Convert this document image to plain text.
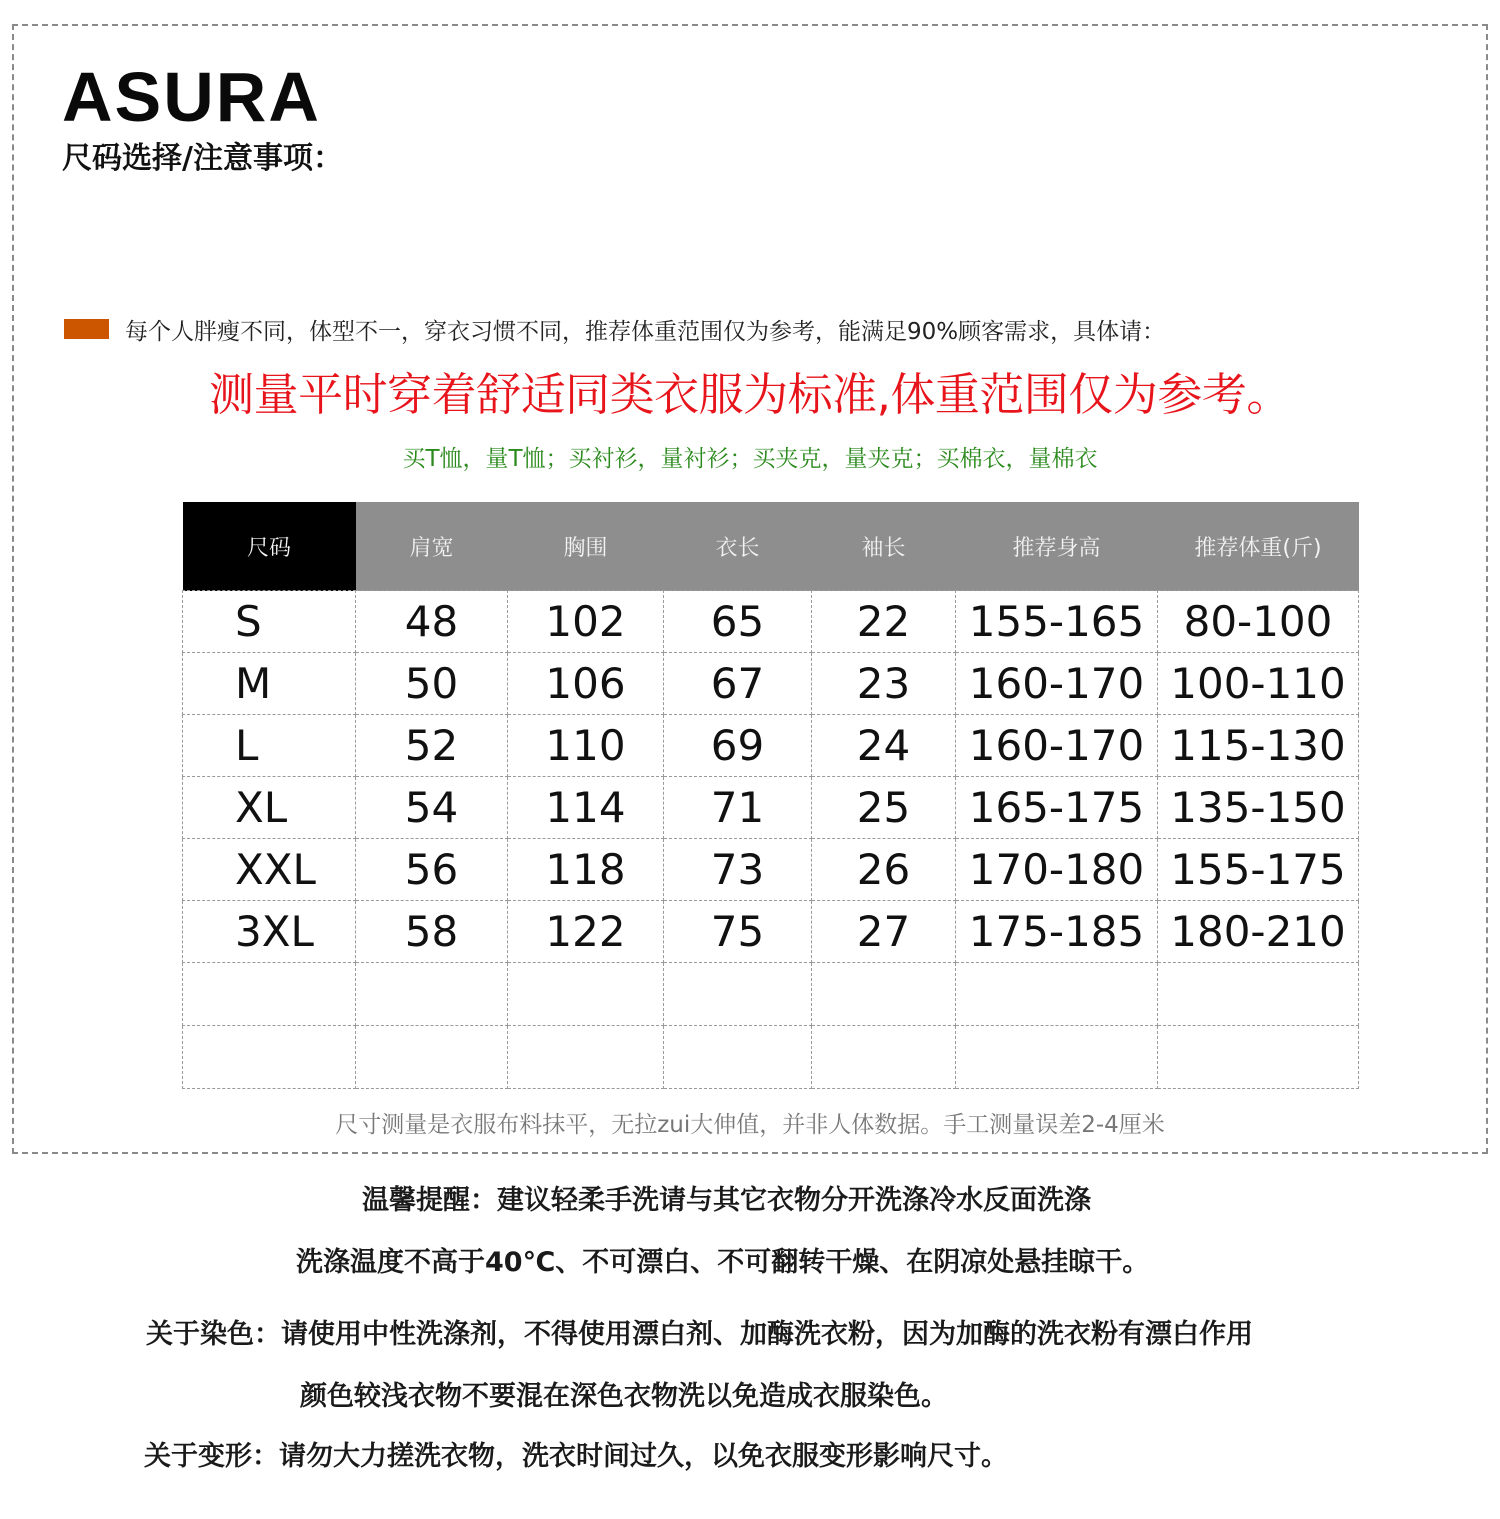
ASURA
尺码选择/注意事项：
每个人胖瘦不同，体型不一，穿衣习惯不同，推荐体重范围仅为参考，能满足90%顾客需求，具体请：

测量平时穿着舒适同类衣服为标准,体重范围仅为参考。

买T恤，量T恤；买衬衫，量衬衫；买夹克，量夹克；买棉衣，量棉衣

尺码	肩宽	胸围	衣长	袖长	推荐身高	推荐体重(斤)
S	48	102	65	22	155-165	80-100
M	50	106	67	23	160-170	100-110
L	52	110	69	24	160-170	115-130
XL	54	114	71	25	165-175	135-150
XXL	56	118	73	26	170-180	155-175
3XL	58	122	75	27	175-185	180-210

尺寸测量是衣服布料抹平，无拉zui大伸值，并非人体数据。手工测量误差2-4厘米

温馨提醒：建议轻柔手洗请与其它衣物分开洗涤冷水反面洗涤

洗涤温度不高于40℃、不可漂白、不可翻转干燥、在阴凉处悬挂晾干。

关于染色：请使用中性洗涤剂，不得使用漂白剂、加酶洗衣粉，因为加酶的洗衣粉有漂白作用

颜色较浅衣物不要混在深色衣物洗以免造成衣服染色。

关于变形：请勿大力搓洗衣物，洗衣时间过久，以免衣服变形影响尺寸。
